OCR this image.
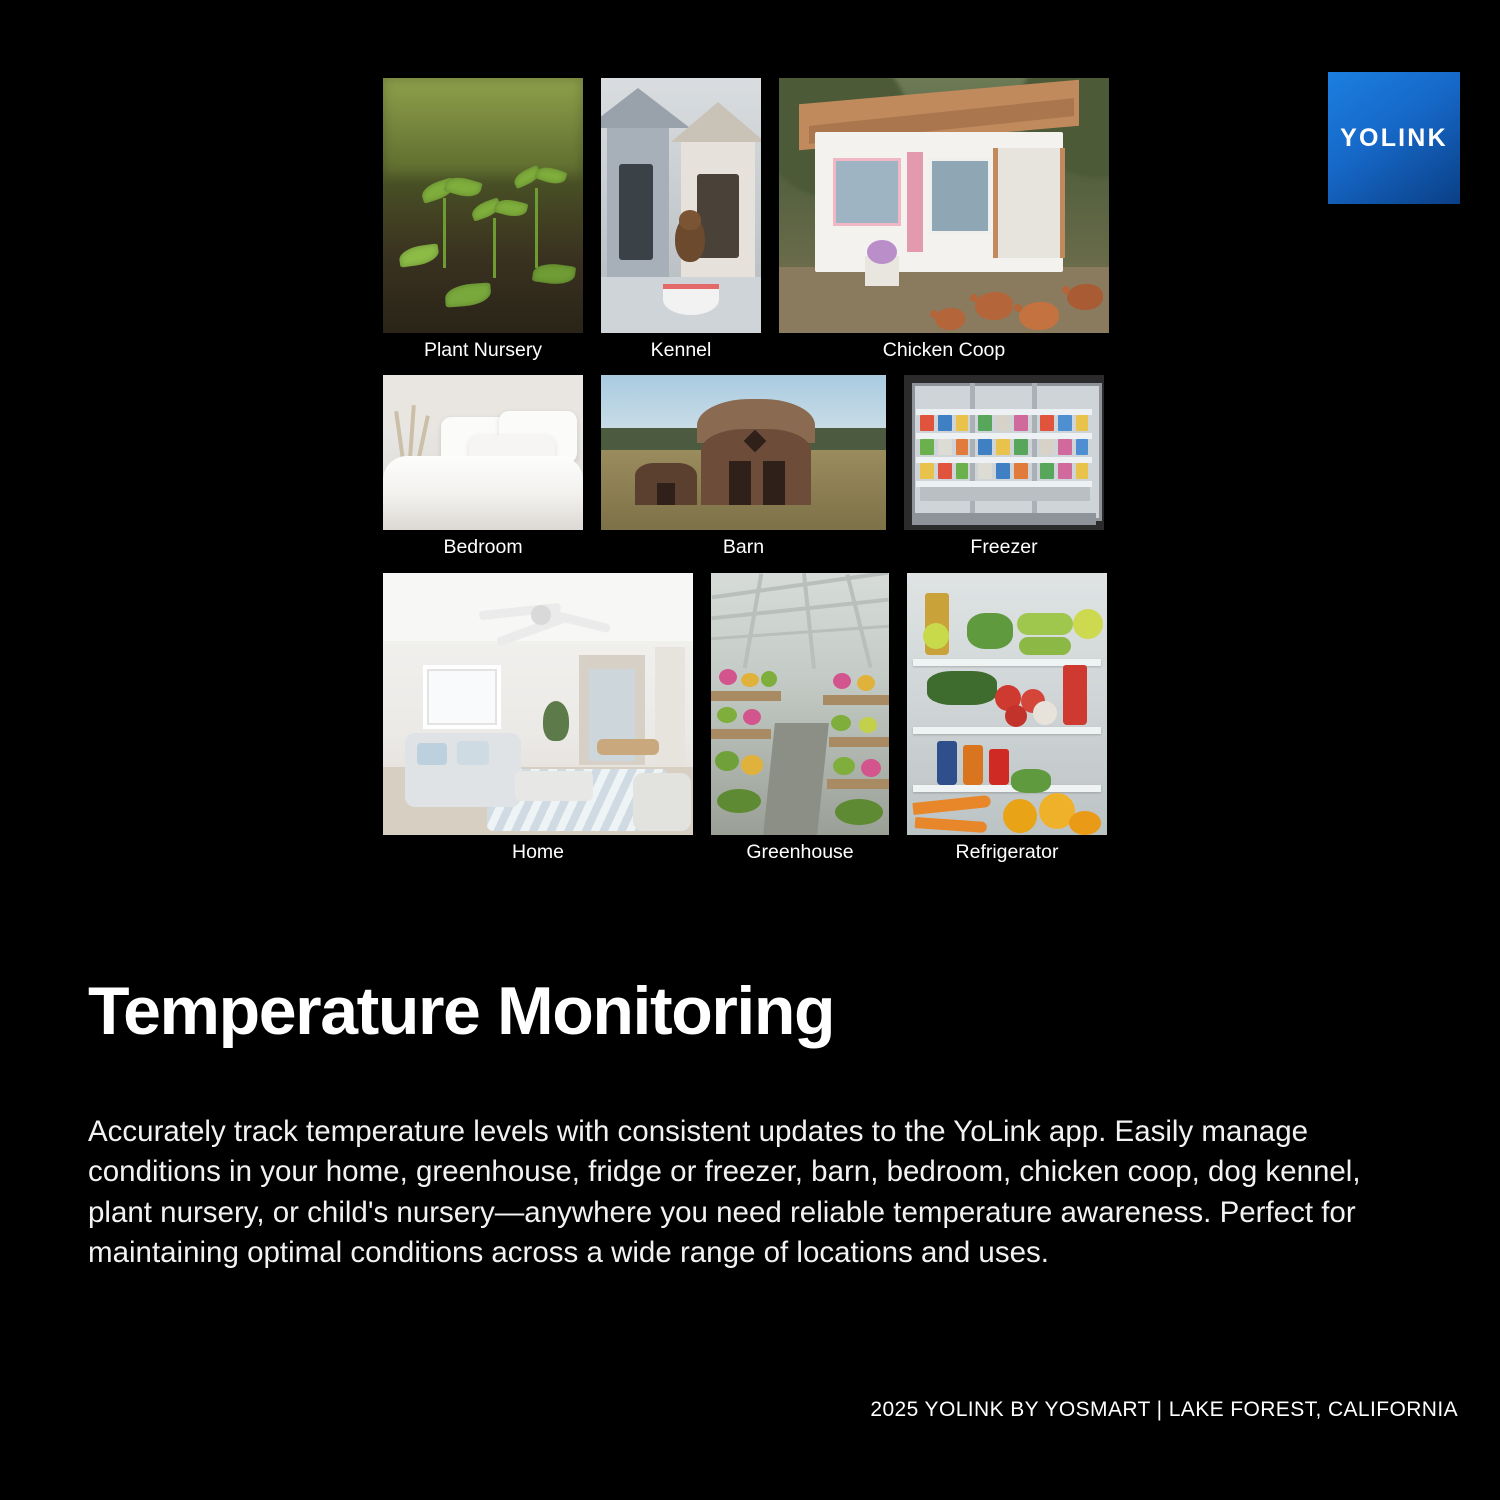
YOLINK
Plant Nursery	Kennel	Chicken Coop
Bedroom	Barn	Freezer
Home	Greenhouse	Refrigerator
Temperature Monitoring
Accurately track temperature levels with consistent updates to the YoLink app. Easily manage conditions in your home, greenhouse, fridge or freezer, barn, bedroom, chicken coop, dog kennel, plant nursery, or child's nursery—anywhere you need reliable temperature awareness. Perfect for maintaining optimal conditions across a wide range of locations and uses.
2025 YOLINK BY YOSMART | LAKE FOREST, CALIFORNIA
